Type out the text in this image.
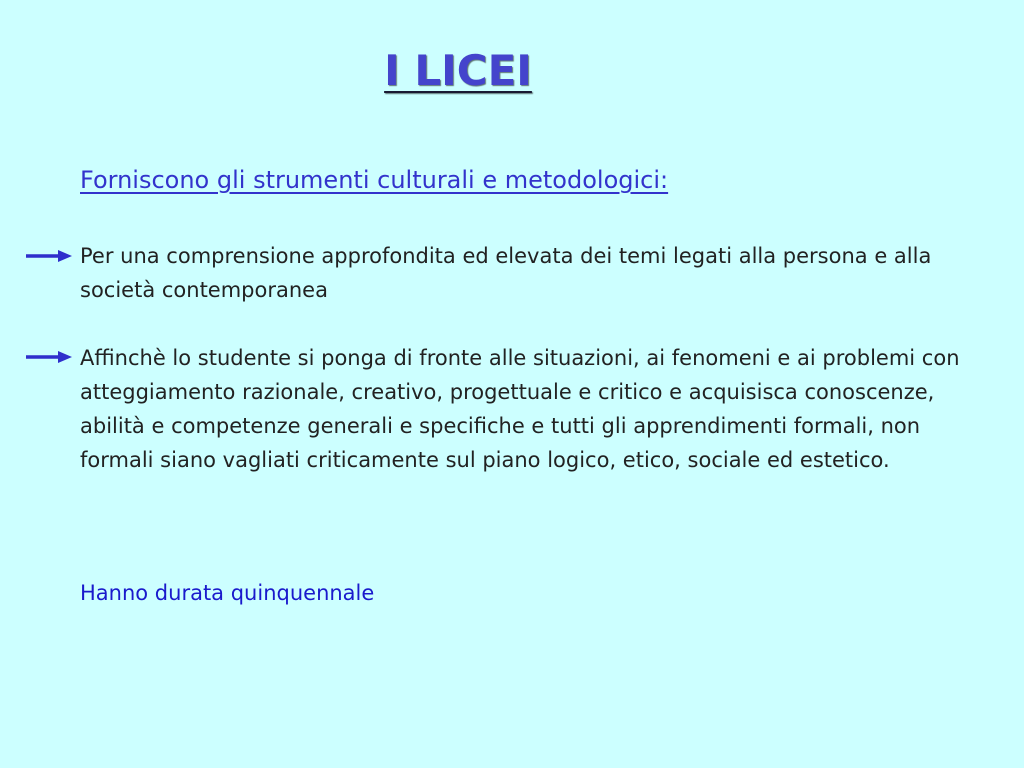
I LICEI
Forniscono gli strumenti culturali e metodologici:
Per una comprensione approfondita ed elevata dei temi legati alla persona e alla società contemporanea
Affinchè lo studente si ponga di fronte alle situazioni, ai fenomeni e ai problemi con atteggiamento razionale, creativo, progettuale e critico e acquisisca conoscenze, abilità e competenze generali e specifiche e tutti gli apprendimenti formali, non formali siano vagliati criticamente sul piano logico, etico, sociale ed estetico.
Hanno durata quinquennale
